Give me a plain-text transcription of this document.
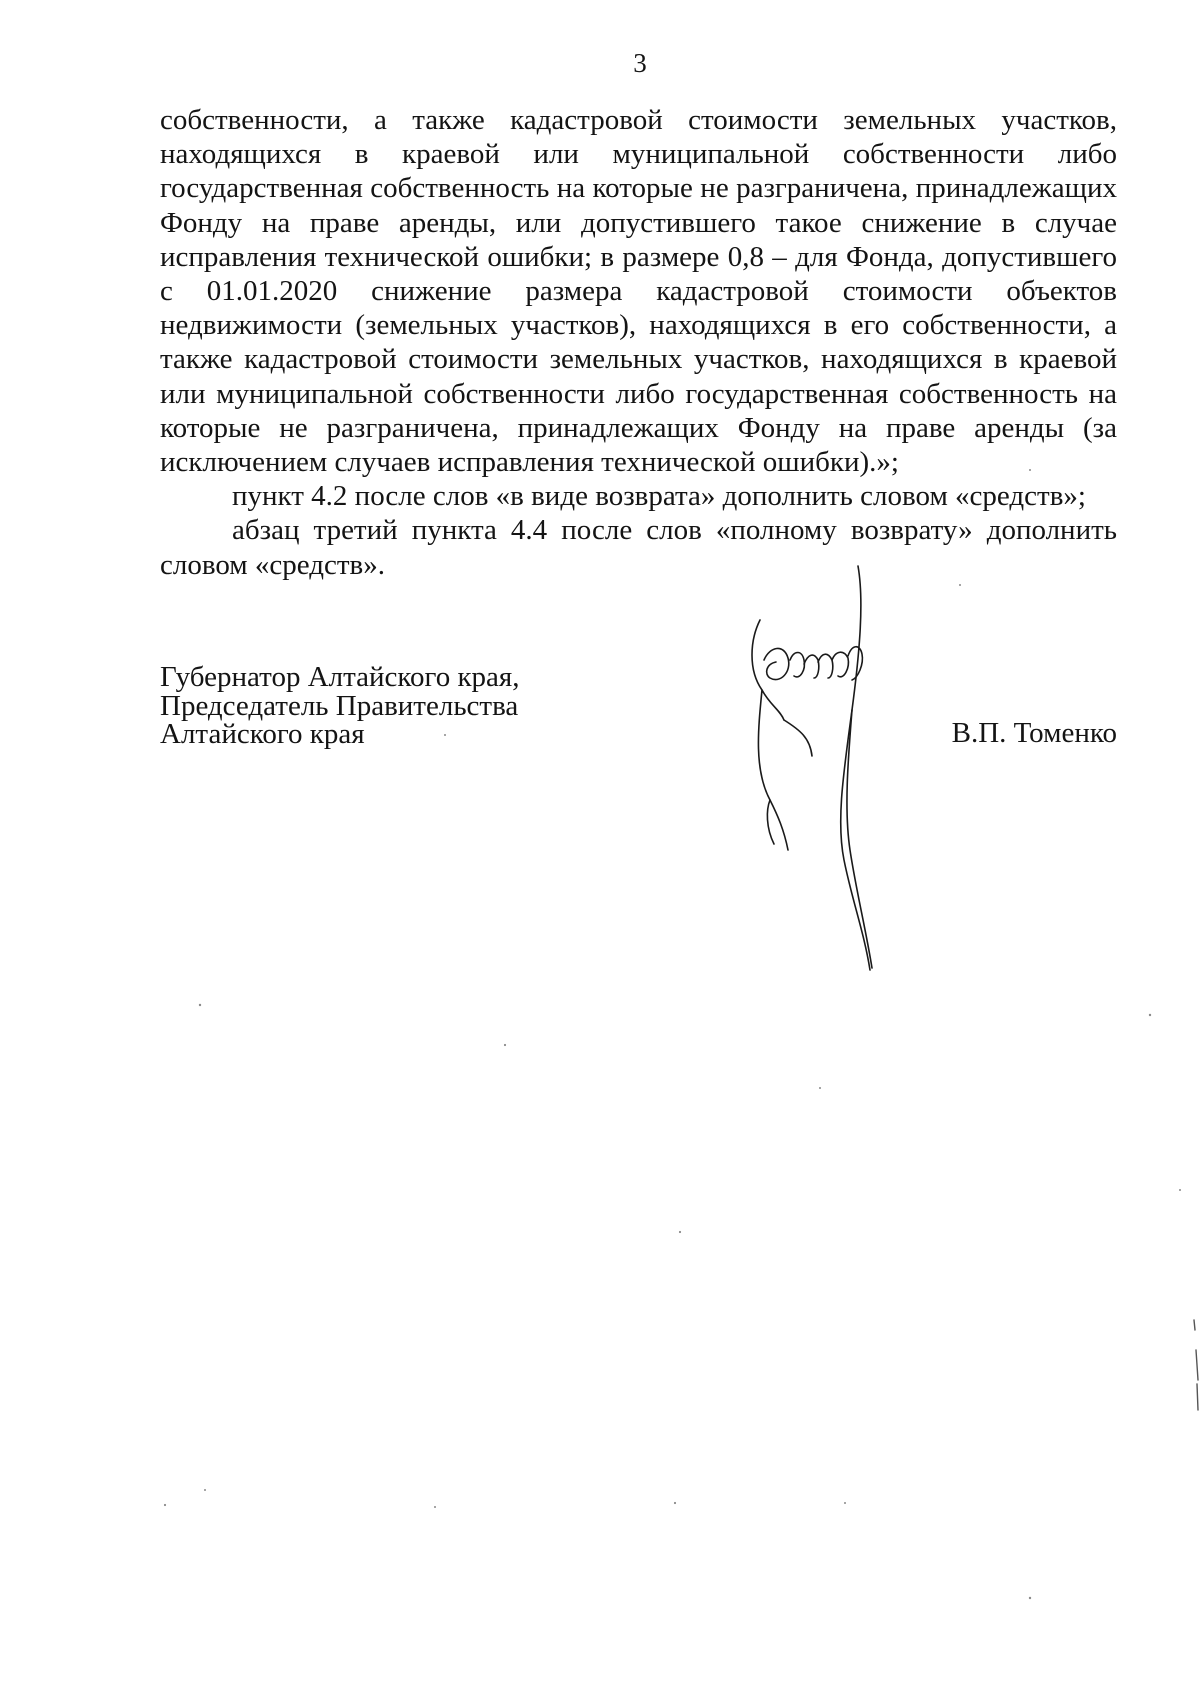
3

собственности, а также кадастровой стоимости земельных участков,
находящихся в краевой или муниципальной собственности либо
государственная собственность на которые не разграничена, принадлежащих
Фонду на праве аренды, или допустившего такое снижение в случае
исправления технической ошибки; в размере 0,8 – для Фонда, допустившего
с 01.01.2020 снижение размера кадастровой стоимости объектов
недвижимости (земельных участков), находящихся в его собственности, а
также кадастровой стоимости земельных участков, находящихся в краевой
или муниципальной собственности либо государственная собственность на
которые не разграничена, принадлежащих Фонду на праве аренды (за

исключением случаев исправления технической ошибки).»;

пункт 4.2 после слов «в виде возврата» дополнить словом «средств»;

абзац третий пункта 4.4 после слов «полному возврату» дополнить

словом «средств».

Губернатор Алтайского края,
Председатель Правительства
Алтайского края	В.П. Томенко
